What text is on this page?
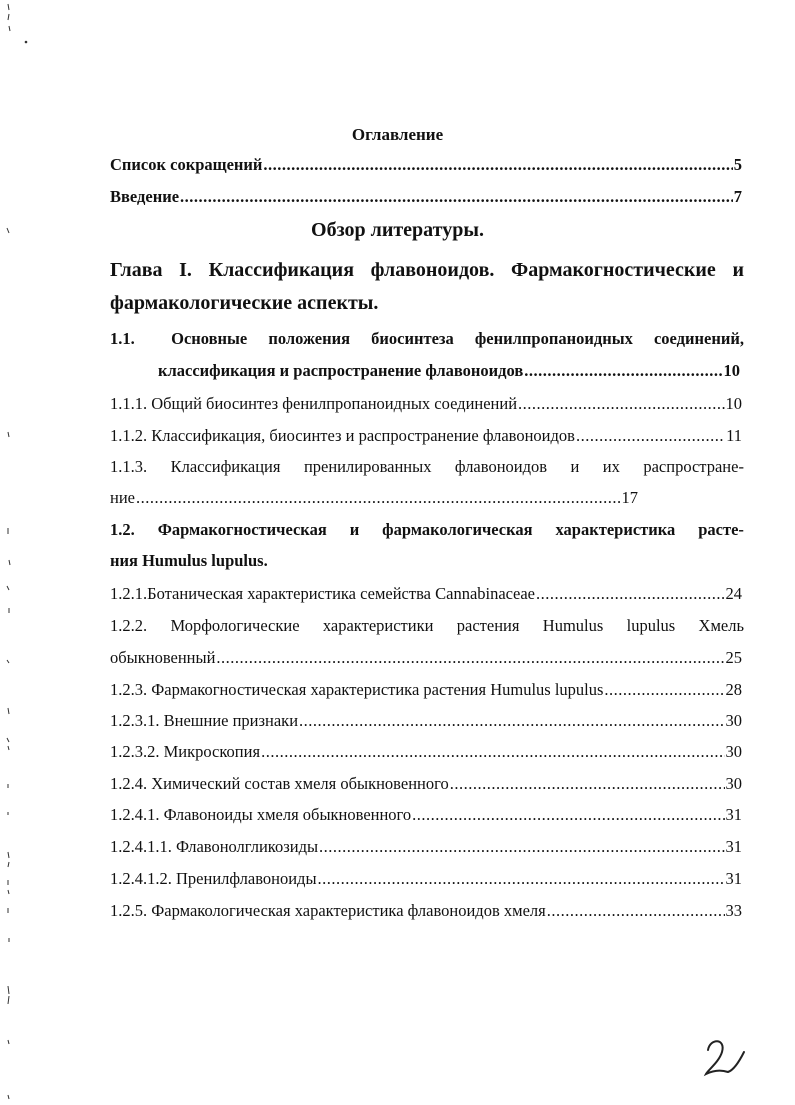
Оглавление
Список сокращений .....	5
Введение .....	7
Обзор литературы.
Глава I. Классификация флавоноидов. Фармакогностические и
фармакологические аспекты.
1.1.	Основные положения биосинтеза фенилпропаноидных соединений,
классификация и распространение флавоноидов .....	10
1.1.1. Общий биосинтез фенилпропаноидных соединений .....	10
1.1.2. Классификация, биосинтез и распространение флавоноидов .....	11
1.1.3. Классификация пренилированных флавоноидов и их распростране-
ние .....	17
1.2. Фармакогностическая и фармакологическая характеристика расте-
ния Humulus lupulus.
1.2.1.Ботаническая характеристика семейства Cannabinaceae .....	24
1.2.2. Морфологические характеристики растения Humulus lupulus Хмель
обыкновенный .....	25
1.2.3. Фармакогностическая характеристика растения Humulus lupulus .....	28
1.2.3.1. Внешние признаки .....	30
1.2.3.2. Микроскопия .....	30
1.2.4. Химический состав хмеля обыкновенного .....	30
1.2.4.1. Флавоноиды хмеля обыкновенного .....	31
1.2.4.1.1. Флавонолгликозиды .....	31
1.2.4.1.2. Пренилфлавоноиды .....	31
1.2.5. Фармакологическая характеристика флавоноидов хмеля .....	33
